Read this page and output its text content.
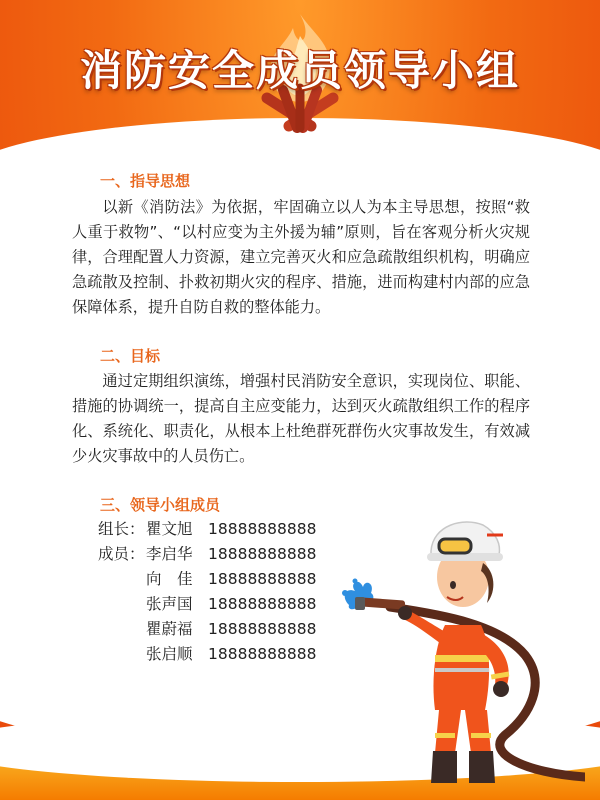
消防安全成员领导小组
一、指导思想

以新《消防法》为依据，牢固确立以人为本主导思想，按照“救人重于救物”、“以村应变为主外援为辅”原则，旨在客观分析火灾规律，合理配置人力资源，建立完善灭火和应急疏散组织机构，明确应急疏散及控制、扑救初期火灾的程序、措施，进而构建村内部的应急保障体系，提升自防自救的整体能力。

二、目标

通过定期组织演练，增强村民消防安全意识，实现岗位、职能、措施的协调统一，提高自主应变能力，达到灭火疏散组织工作的程序化、系统化、职责化，从根本上杜绝群死群伤火灾事故发生，有效减少火灾事故中的人员伤亡。

三、领导小组成员
组长：瞿文旭 18888888888
成员：李启华 18888888888
向　佳 18888888888
张声国 18888888888
瞿蔚福 18888888888
张启顺 18888888888
